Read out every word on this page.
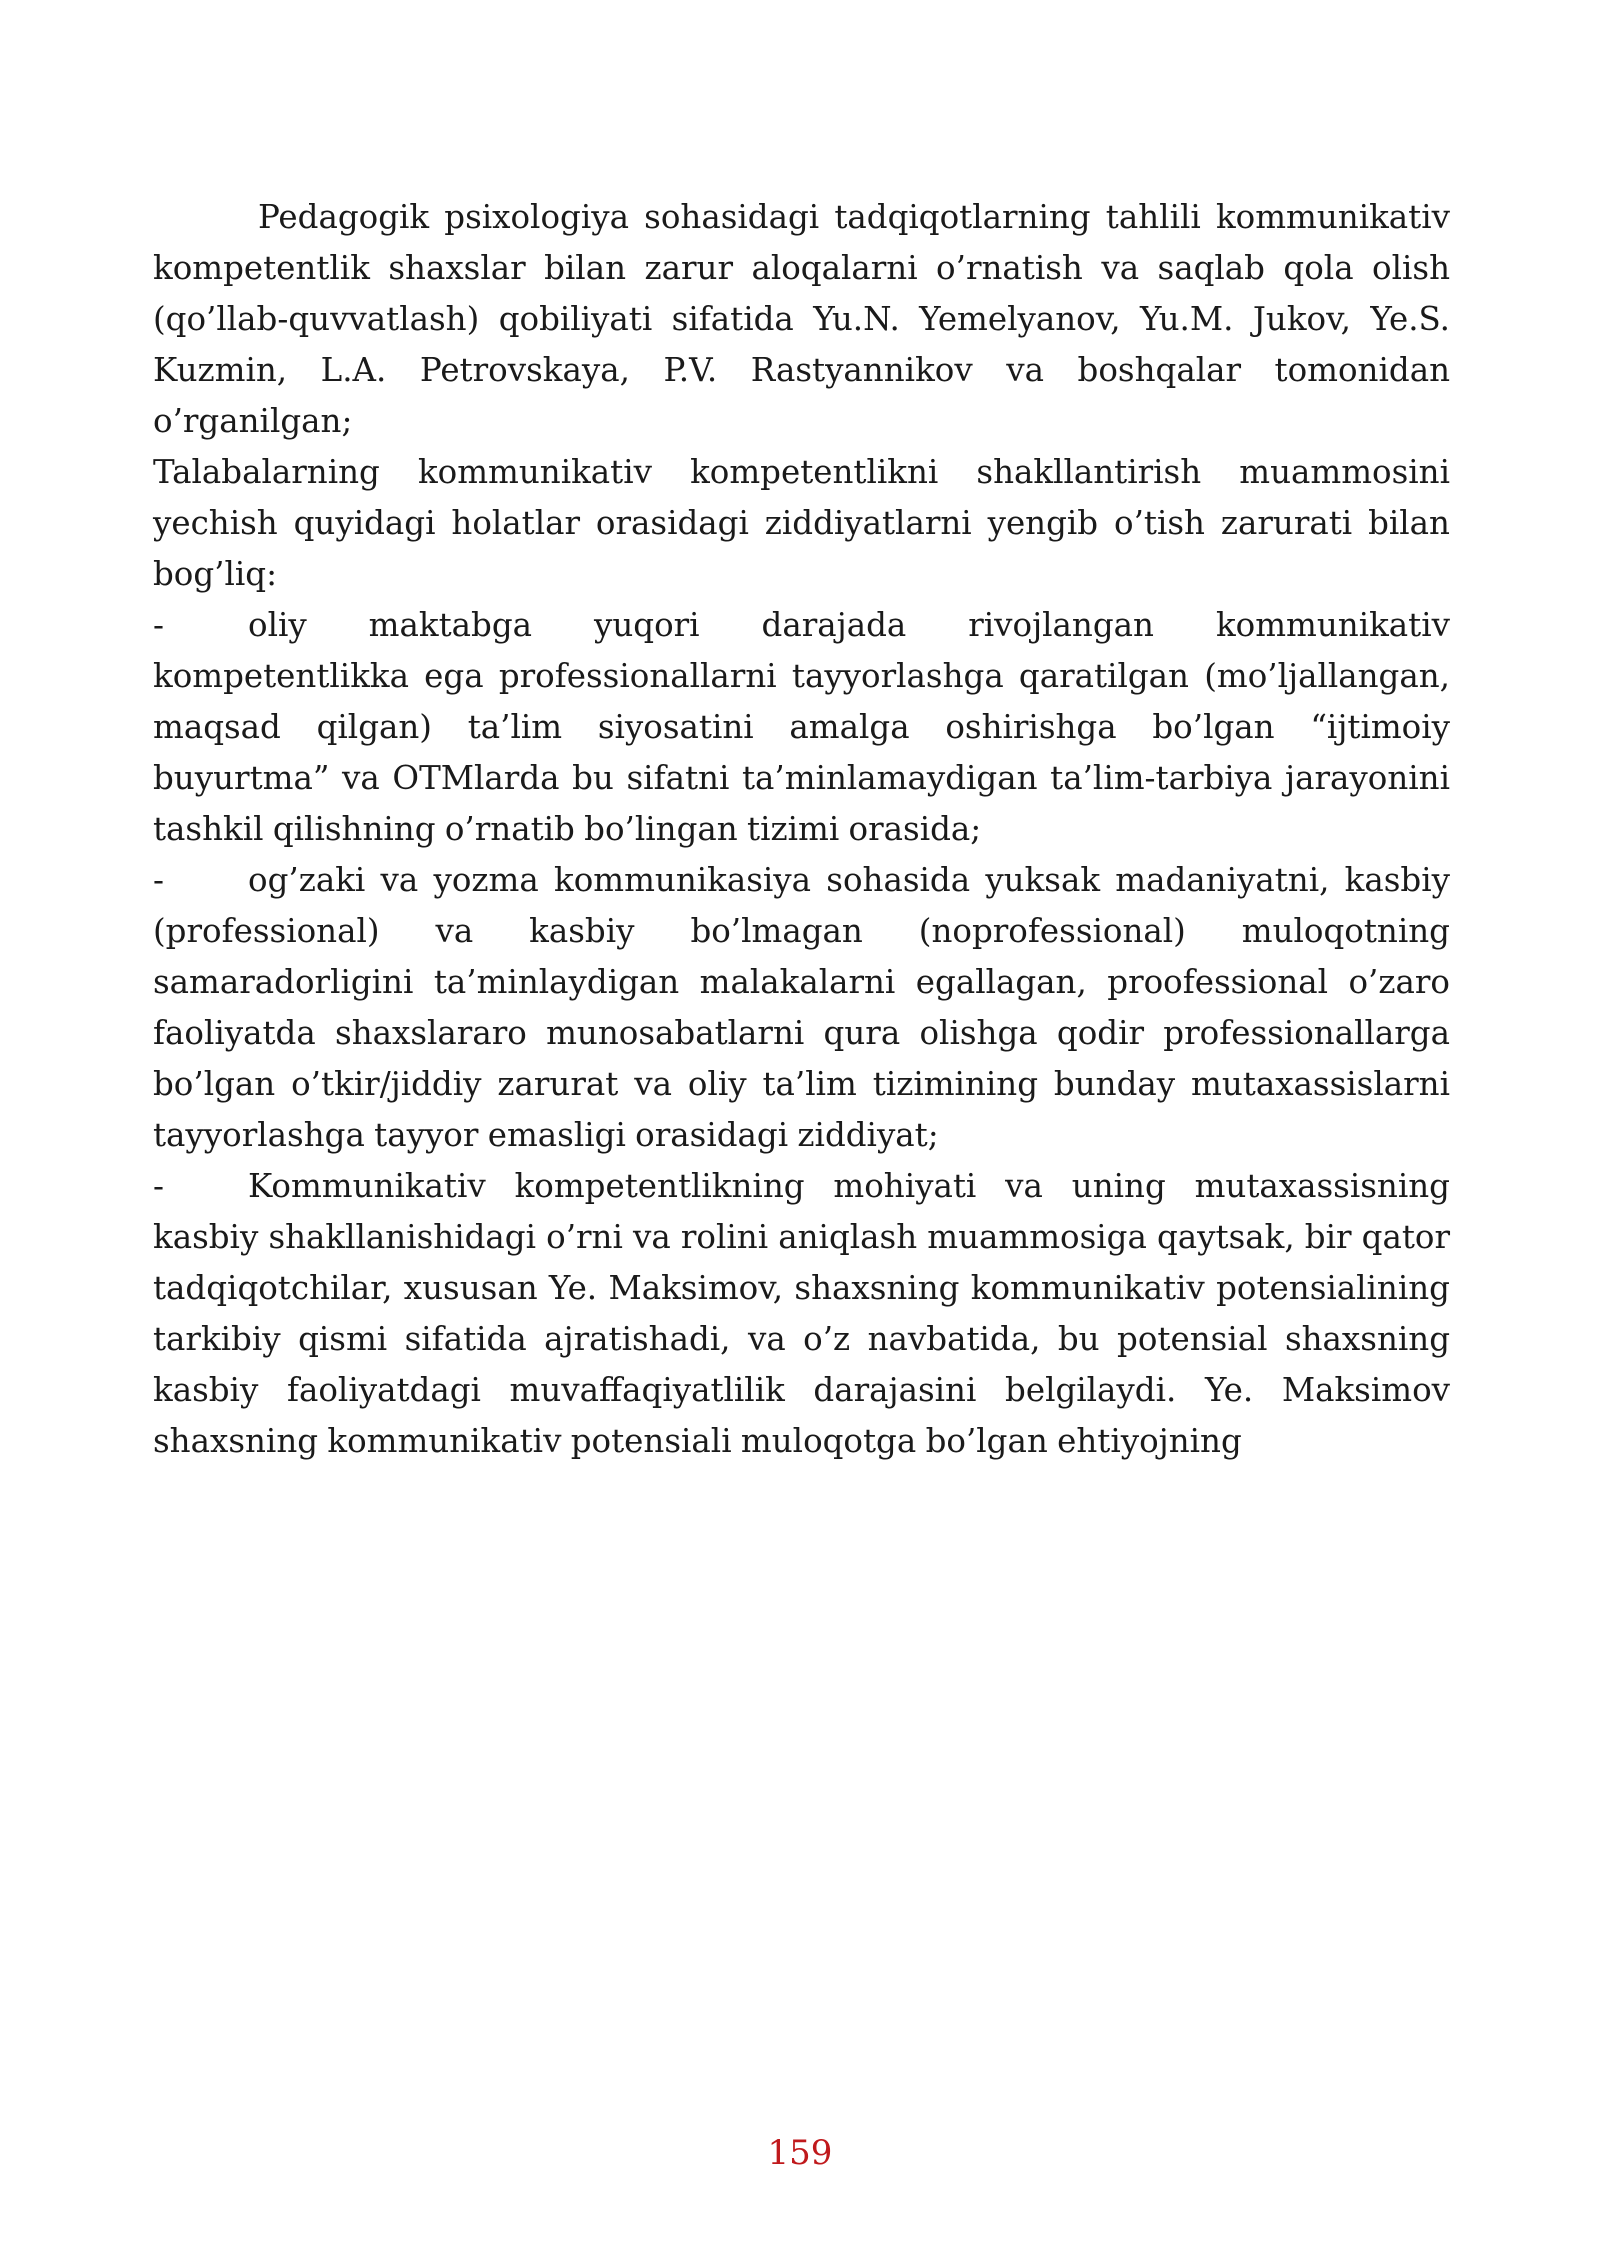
Pedagogik psixologiya sohasidagi tadqiqotlarning tahlili kommunikativ kompetentlik shaxslar bilan zarur aloqalarni o’rnatish va saqlab qola olish (qo’llab-quvvatlash) qobiliyati sifatida Yu.N. Yemelyanov, Yu.M. Jukov, Ye.S. Kuzmin, L.A. Petrovskaya, P.V. Rastyannikov va boshqalar tomonidan o’rganilgan;

Talabalarning kommunikativ kompetentlikni shakllantirish muammosini yechish quyidagi holatlar orasidagi ziddiyatlarni yengib o’tish zarurati bilan bog’liq:

-	oliy maktabga yuqori darajada rivojlangan kommunikativ kompetentlikka ega professionallarni tayyorlashga qaratilgan (mo’ljallangan, maqsad qilgan) ta’lim siyosatini amalga oshirishga bo’lgan “ijtimoiy buyurtma” va OTMlarda bu sifatni ta’minlamaydigan ta’lim-tarbiya jarayonini tashkil qilishning o’rnatib bo’lingan tizimi orasida;

-	og’zaki va yozma kommunikasiya sohasida yuksak madaniyatni, kasbiy (professional) va kasbiy bo’lmagan (noprofessional) muloqotning samaradorligini ta’minlaydigan malakalarni egallagan, proofessional o’zaro faoliyatda shaxslararo munosabatlarni qura olishga qodir professionallarga bo’lgan o’tkir/jiddiy zarurat va oliy ta’lim tizimining bunday mutaxassislarni tayyorlashga tayyor emasligi orasidagi ziddiyat;

-	Kommunikativ kompetentlikning mohiyati va uning mutaxassisning kasbiy shakllanishidagi o’rni va rolini aniqlash muammosiga qaytsak, bir qator tadqiqotchilar, xususan Ye. Maksimov, shaxsning kommunikativ potensialining tarkibiy qismi sifatida ajratishadi, va o’z navbatida, bu potensial shaxsning kasbiy faoliyatdagi muvaffaqiyatlilik darajasini belgilaydi. Ye. Maksimov shaxsning kommunikativ potensiali muloqotga bo’lgan ehtiyojning

159
